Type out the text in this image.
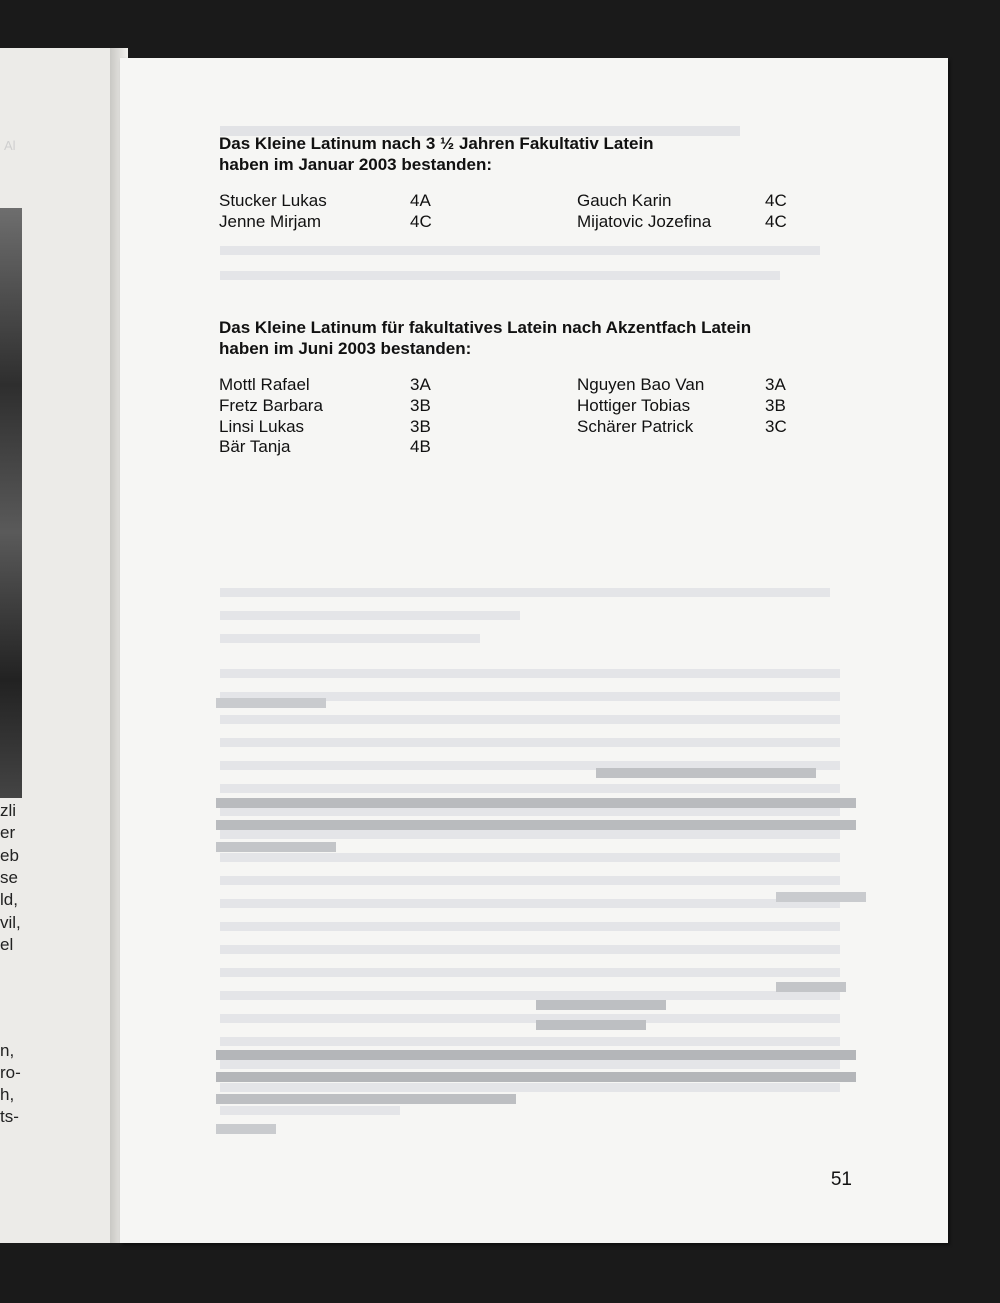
Al
zli
er
eb
se
ld,
vil,
el
n,
ro-
h,
ts-
Das Kleine Latinum nach 3 ½ Jahren Fakultativ Latein
haben im Januar 2003 bestanden:
Stucker Lukas	4A	Gauch Karin	4C
Jenne Mirjam	4C	Mijatovic Jozefina	4C
Das Kleine Latinum für fakultatives Latein nach Akzentfach Latein
haben im Juni 2003 bestanden:
Mottl Rafael	3A	Nguyen Bao Van	3A
Fretz Barbara	3B	Hottiger Tobias	3B
Linsi Lukas	3B	Schärer Patrick	3C
Bär Tanja	4B
51
